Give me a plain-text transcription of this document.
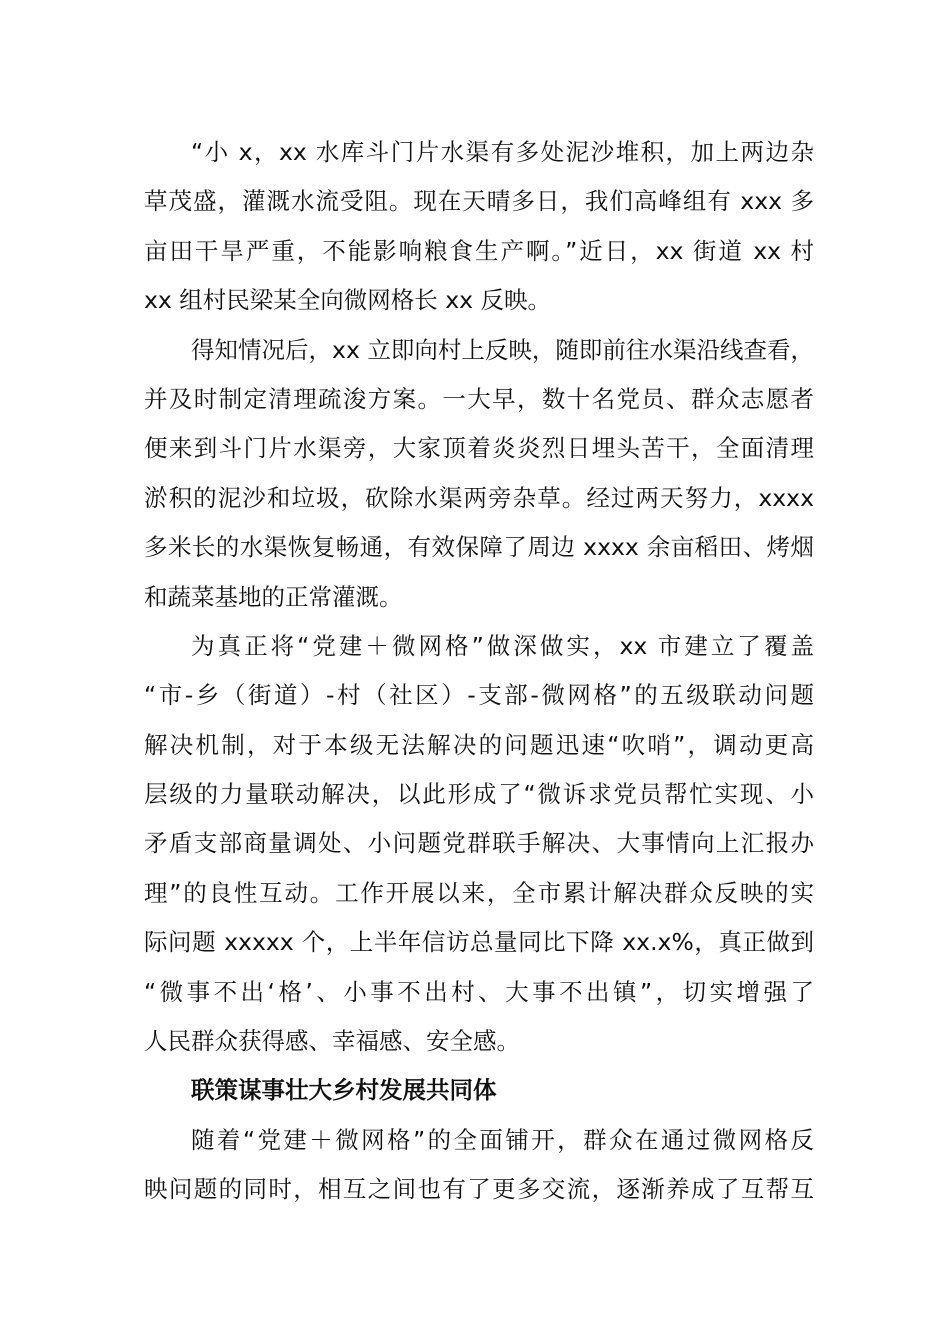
“小 x，xx 水库斗门片水渠有多处泥沙堆积，加上两边杂
草茂盛，灌溉水流受阻。现在天晴多日，我们高峰组有 xxx 多
亩田干旱严重，不能影响粮食生产啊。”近日，xx 街道 xx 村
xx 组村民梁某全向微网格长 xx 反映。
得知情况后，xx 立即向村上反映，随即前往水渠沿线查看，
并及时制定清理疏浚方案。一大早，数十名党员、群众志愿者
便来到斗门片水渠旁，大家顶着炎炎烈日埋头苦干，全面清理
淤积的泥沙和垃圾，砍除水渠两旁杂草。经过两天努力，xxxx
多米长的水渠恢复畅通，有效保障了周边 xxxx 余亩稻田、烤烟
和蔬菜基地的正常灌溉。
为真正将“党建＋微网格”做深做实，xx 市建立了覆盖
“市-乡（街道）-村（社区）-支部-微网格”的五级联动问题
解决机制，对于本级无法解决的问题迅速“吹哨”，调动更高
层级的力量联动解决，以此形成了“微诉求党员帮忙实现、小
矛盾支部商量调处、小问题党群联手解决、大事情向上汇报办
理”的良性互动。工作开展以来，全市累计解决群众反映的实
际问题 xxxxx 个，上半年信访总量同比下降 xx.x%，真正做到
“微事不出‘格’、小事不出村、大事不出镇”，切实增强了
人民群众获得感、幸福感、安全感。
联策谋事壮大乡村发展共同体
随着“党建＋微网格”的全面铺开，群众在通过微网格反
映问题的同时，相互之间也有了更多交流，逐渐养成了互帮互
